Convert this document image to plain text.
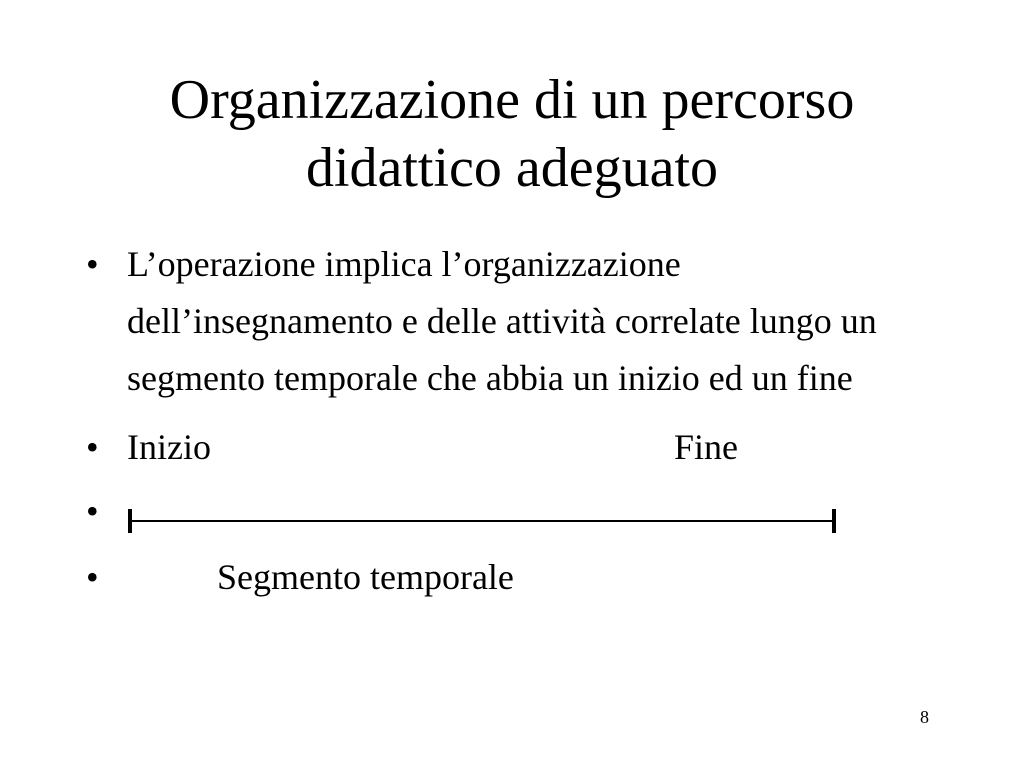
Organizzazione di un percorso
didattico adeguato
• L’operazione implica l’organizzazione dell’insegnamento e delle attività correlate lungo un segmento temporale che abbia un inizio ed un fine
• Inizio	Fine
•
•	Segmento temporale
8
